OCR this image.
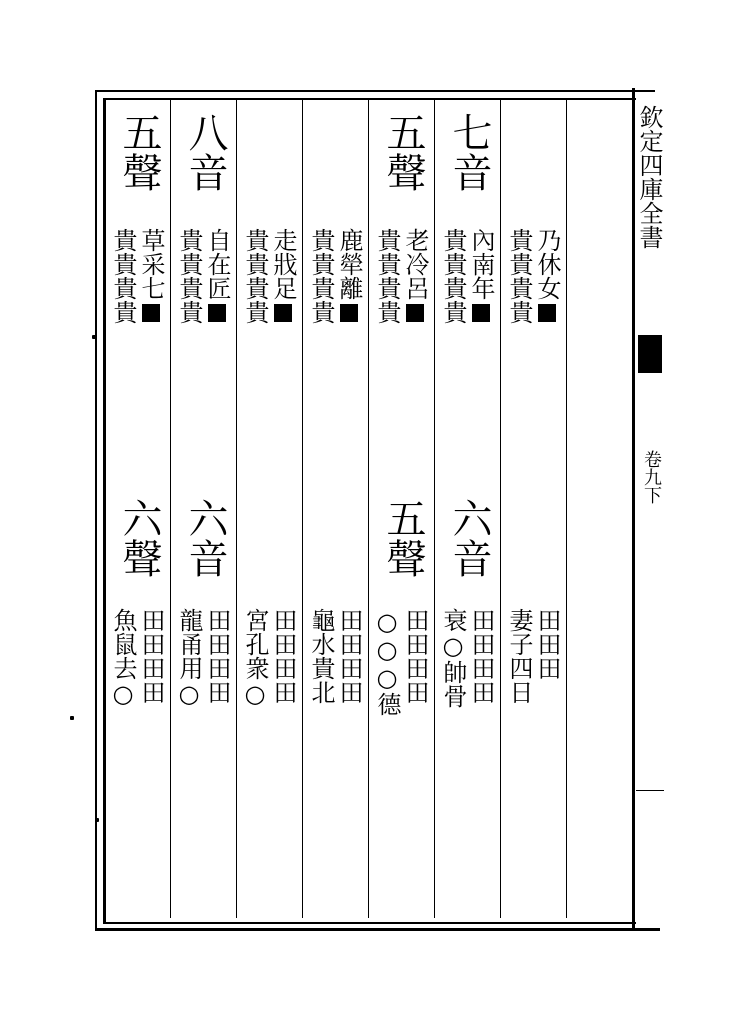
欽定四庫全書
卷九下
乃休女
貴貴貴貴
田田田
妻子四日
七音
內南年
貴貴貴貴
六音
田田田田
衰○帥骨
五聲
老冷呂
貴貴貴貴
五聲
田田田田
○○○德
鹿犖離
貴貴貴貴
田田田田
龜水貴北
走戕足
貴貴貴貴
田田田田
宮孔衆○
八音
自在匠
貴貴貴貴
六音
田田田田
龍甬用○
五聲
草采七
貴貴貴貴
六聲
田田田田
魚鼠去○
